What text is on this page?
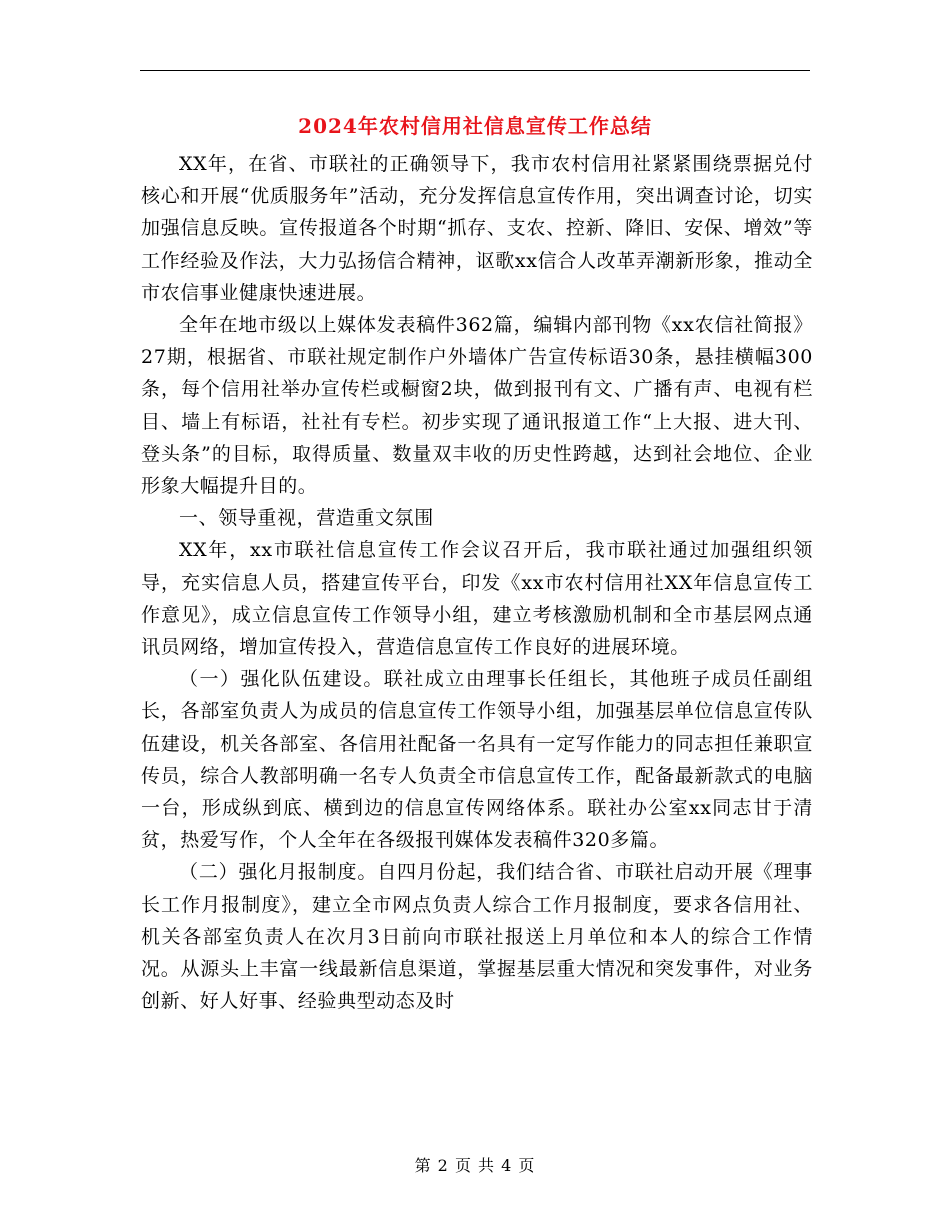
2024年农村信用社信息宣传工作总结

XX年，在省、市联社的正确领导下，我市农村信用社紧紧围绕票据兑付核心和开展“优质服务年”活动，充分发挥信息宣传作用，突出调查讨论，切实加强信息反映。宣传报道各个时期“抓存、支农、控新、降旧、安保、增效”等工作经验及作法，大力弘扬信合精神，讴歌xx信合人改革弄潮新形象，推动全市农信事业健康快速进展。

全年在地市级以上媒体发表稿件362篇，编辑内部刊物《xx农信社简报》27期，根据省、市联社规定制作户外墙体广告宣传标语30条，悬挂横幅300条，每个信用社举办宣传栏或橱窗2块，做到报刊有文、广播有声、电视有栏目、墙上有标语，社社有专栏。初步实现了通讯报道工作“上大报、进大刊、登头条”的目标，取得质量、数量双丰收的历史性跨越，达到社会地位、企业形象大幅提升目的。

一、领导重视，营造重文氛围

XX年，xx市联社信息宣传工作会议召开后，我市联社通过加强组织领导，充实信息人员，搭建宣传平台，印发《xx市农村信用社XX年信息宣传工作意见》，成立信息宣传工作领导小组，建立考核激励机制和全市基层网点通讯员网络，增加宣传投入，营造信息宣传工作良好的进展环境。

（一）强化队伍建设。联社成立由理事长任组长，其他班子成员任副组长，各部室负责人为成员的信息宣传工作领导小组，加强基层单位信息宣传队伍建设，机关各部室、各信用社配备一名具有一定写作能力的同志担任兼职宣传员，综合人教部明确一名专人负责全市信息宣传工作，配备最新款式的电脑一台，形成纵到底、横到边的信息宣传网络体系。联社办公室xx同志甘于清贫，热爱写作，个人全年在各级报刊媒体发表稿件320多篇。

（二）强化月报制度。自四月份起，我们结合省、市联社启动开展《理事长工作月报制度》，建立全市网点负责人综合工作月报制度，要求各信用社、机关各部室负责人在次月3日前向市联社报送上月单位和本人的综合工作情况。从源头上丰富一线最新信息渠道，掌握基层重大情况和突发事件，对业务创新、好人好事、经验典型动态及时

第 2 页 共 4 页
